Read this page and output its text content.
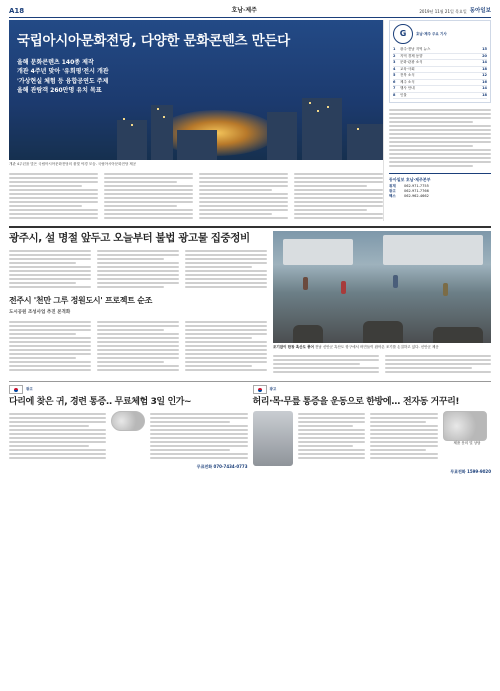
A18	호남·제주	2019년 11월 21일 목요일 동아일보
국립아시아문화전당, 다양한 문화콘텐츠 만든다
올해 문화콘텐츠 140종 제작
개관 4주년 맞아 '유희평'전시 개관
'가상현실 체험 등 융합공연도 주제
올해 관람객 260만명 유치 목표
개관 4주년을 맞은 국립아시아문화전당의 불빛 야경 모습. 국립아시아문화전당 제공
G	호남·제주 주요 기사
1	광주·전남 지역 뉴스	15
2	지역 경제 동향	20
3	문화·관광 소식	14
4	교육·사회	18
5	전북 소식	12
6	제주 소식	16
7	행사 안내	14
8	인물	18
동아일보 호남·제주본부
취재	062-971-7755
광고	062-971-7766
팩스	062-962-4662
광주시, 설 명절 앞두고 오늘부터 불법 광고물 집중정비
전주시 '천만 그루 정원도시' 프로젝트 순조
도시공원 조성사업 추진 본격화
조기잡이 한창 흑산도 풍어 전남 신안군 흑산도 항구에서 어민들이 잡아온 조기를 손질하고 있다. 신안군 제공
광고
다리에 찾은 귀, 경련 통증.. 무료체험 3일 인가~
무료전화 070-7434-0773
광고
허리·목·무릎 통증을 운동으로 한방에... 전자동 거꾸리!
제품 문의 및 상담
무료전화 1599-9020
